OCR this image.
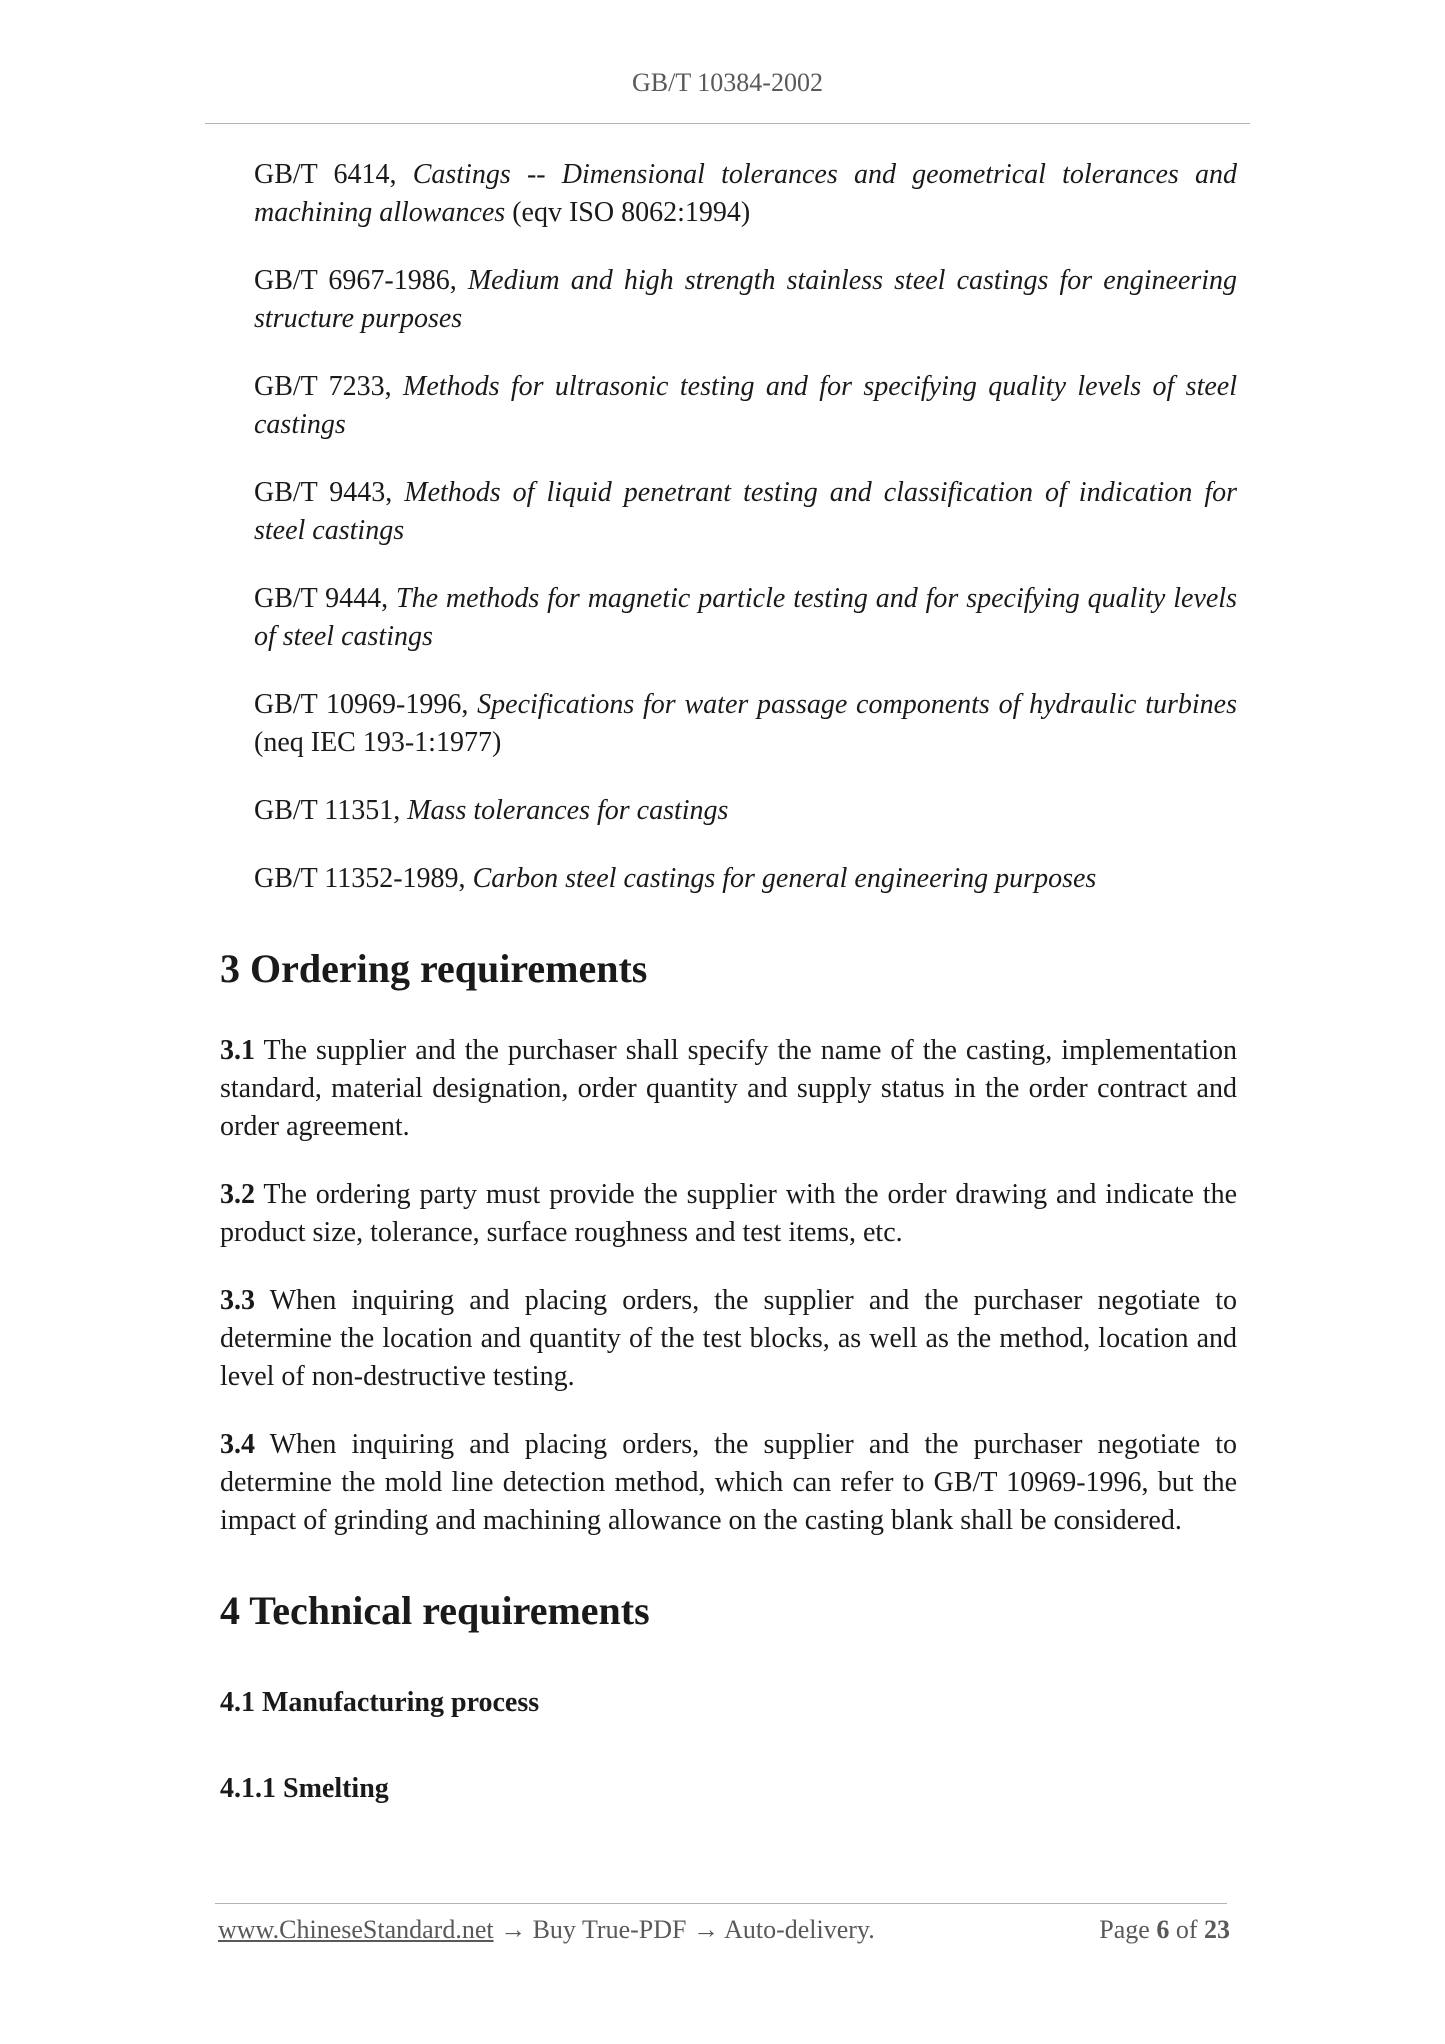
GB/T 10384-2002
GB/T 6414, Castings -- Dimensional tolerances and geometrical tolerances and machining allowances (eqv ISO 8062:1994)
GB/T 6967-1986, Medium and high strength stainless steel castings for engineering structure purposes
GB/T 7233, Methods for ultrasonic testing and for specifying quality levels of steel castings
GB/T 9443, Methods of liquid penetrant testing and classification of indication for steel castings
GB/T 9444, The methods for magnetic particle testing and for specifying quality levels of steel castings
GB/T 10969-1996, Specifications for water passage components of hydraulic turbines (neq IEC 193-1:1977)
GB/T 11351, Mass tolerances for castings
GB/T 11352-1989, Carbon steel castings for general engineering purposes
3 Ordering requirements

3.1 The supplier and the purchaser shall specify the name of the casting, implementation standard, material designation, order quantity and supply status in the order contract and order agreement.

3.2 The ordering party must provide the supplier with the order drawing and indicate the product size, tolerance, surface roughness and test items, etc.

3.3 When inquiring and placing orders, the supplier and the purchaser negotiate to determine the location and quantity of the test blocks, as well as the method, location and level of non-destructive testing.

3.4 When inquiring and placing orders, the supplier and the purchaser negotiate to determine the mold line detection method, which can refer to GB/T 10969-1996, but the impact of grinding and machining allowance on the casting blank shall be considered.

4 Technical requirements
4.1 Manufacturing process
4.1.1 Smelting
www.ChineseStandard.net → Buy True-PDF → Auto-delivery.	Page 6 of 23
